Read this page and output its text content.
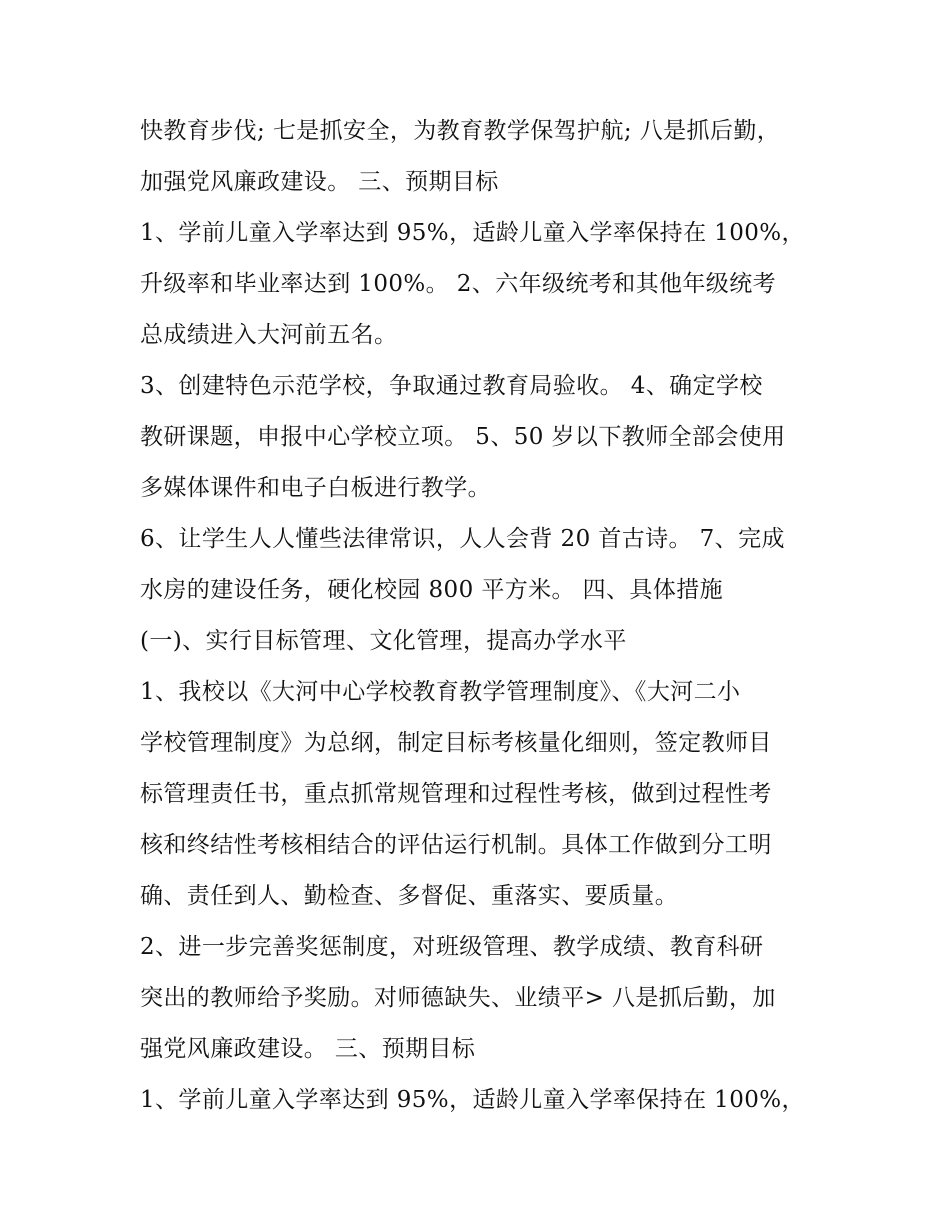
快教育步伐; 七是抓安全，为教育教学保驾护航; 八是抓后勤，
加强党风廉政建设。 三、预期目标
1、学前儿童入学率达到 95%，适龄儿童入学率保持在 100%，
升级率和毕业率达到 100%。 2、六年级统考和其他年级统考
总成绩进入大河前五名。
3、创建特色示范学校，争取通过教育局验收。 4、确定学校
教研课题，申报中心学校立项。 5、50 岁以下教师全部会使用
多媒体课件和电子白板进行教学。
6、让学生人人懂些法律常识，人人会背 20 首古诗。 7、完成
水房的建设任务，硬化校园 800 平方米。 四、具体措施
(一)、实行目标管理、文化管理，提高办学水平
1、我校以《大河中心学校教育教学管理制度》、《大河二小
学校管理制度》为总纲，制定目标考核量化细则，签定教师目
标管理责任书，重点抓常规管理和过程性考核，做到过程性考
核和终结性考核相结合的评估运行机制。具体工作做到分工明
确、责任到人、勤检查、多督促、重落实、要质量。
2、进一步完善奖惩制度，对班级管理、教学成绩、教育科研
突出的教师给予奖励。对师德缺失、业绩平> 八是抓后勤，加
强党风廉政建设。 三、预期目标
1、学前儿童入学率达到 95%，适龄儿童入学率保持在 100%，
